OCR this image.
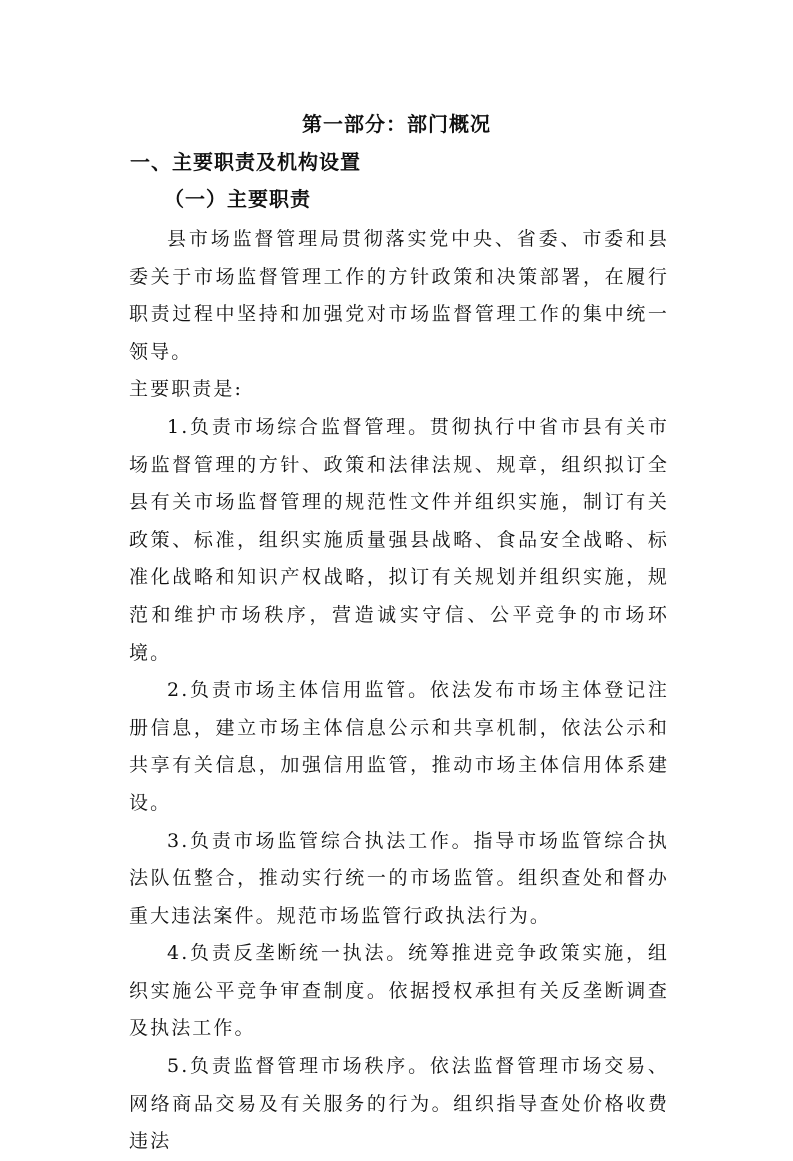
第一部分：部门概况
一、主要职责及机构设置
（一）主要职责

县市场监督管理局贯彻落实党中央、省委、市委和县委关于市场监督管理工作的方针政策和决策部署，在履行职责过程中坚持和加强党对市场监督管理工作的集中统一领导。

主要职责是:

1.负责市场综合监督管理。贯彻执行中省市县有关市场监督管理的方针、政策和法律法规、规章，组织拟订全县有关市场监督管理的规范性文件并组织实施，制订有关政策、标准，组织实施质量强县战略、食品安全战略、标准化战略和知识产权战略，拟订有关规划并组织实施，规范和维护市场秩序，营造诚实守信、公平竞争的市场环境。

2.负责市场主体信用监管。依法发布市场主体登记注册信息，建立市场主体信息公示和共享机制，依法公示和共享有关信息，加强信用监管，推动市场主体信用体系建设。

3.负责市场监管综合执法工作。指导市场监管综合执法队伍整合，推动实行统一的市场监管。组织查处和督办重大违法案件。规范市场监管行政执法行为。

4.负责反垄断统一执法。统筹推进竞争政策实施，组织实施公平竞争审查制度。依据授权承担有关反垄断调查及执法工作。

5.负责监督管理市场秩序。依法监督管理市场交易、网络商品交易及有关服务的行为。组织指导查处价格收费违法
